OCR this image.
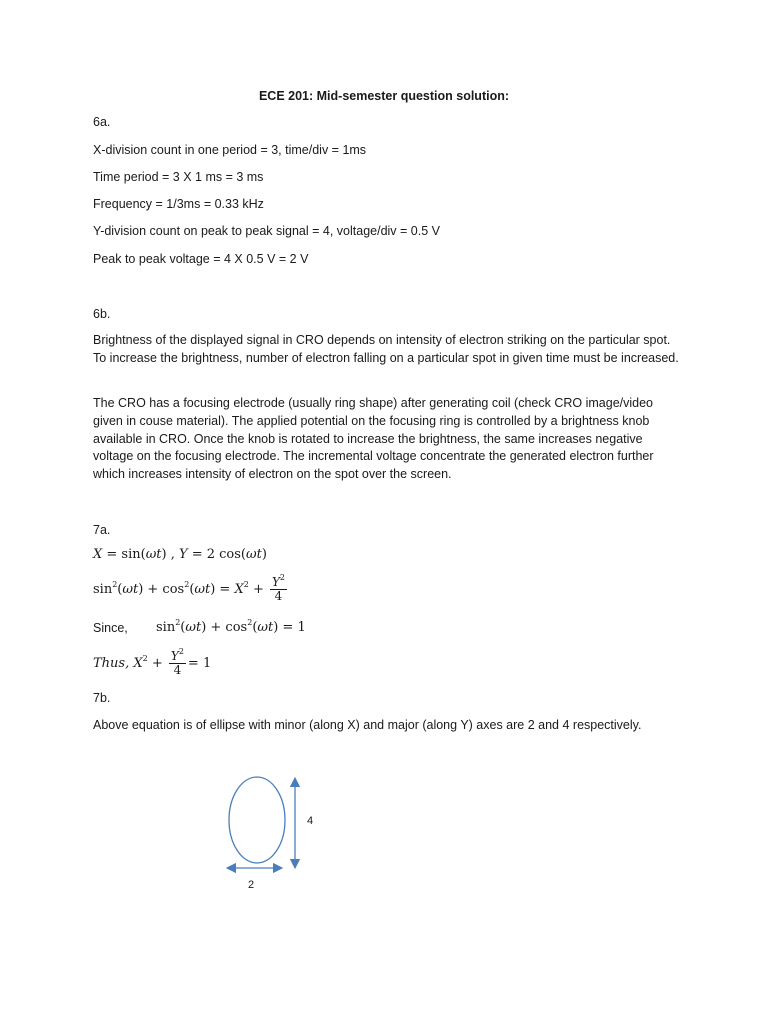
ECE 201: Mid-semester question solution:
6a.
X-division count in one period = 3, time/div = 1ms
Time period = 3 X 1 ms = 3 ms
Frequency = 1/3ms = 0.33 kHz
Y-division count on peak to peak signal = 4, voltage/div = 0.5 V
Peak to peak voltage = 4 X 0.5 V = 2 V
6b.
Brightness of the displayed signal in CRO depends on intensity of electron striking on the particular spot. To increase the brightness, number of electron falling on a particular spot in given time must be increased.
The CRO has a focusing electrode (usually ring shape) after generating coil (check CRO image/video given in couse material). The applied potential on the focusing ring is controlled by a brightness knob available in CRO. Once the knob is rotated to increase the brightness, the same increases negative voltage on the focusing electrode. The incremental voltage concentrate the generated electron further which increases intensity of electron on the spot over the screen.
7a.
X = sin(ωt) , Y = 2 cos(ωt)
$\sin^2(\omega t) + \cos^2(\omega t) = X^2 + \frac{Y^2}{4}$
Since, $\sin^2(\omega t) + \cos^2(\omega t) = 1$
Thus, $X^2 + \frac{Y^2}{4} = 1$
7b.
Above equation is of ellipse with minor (along X) and major (along Y) axes are 2 and 4 respectively.
4
2
